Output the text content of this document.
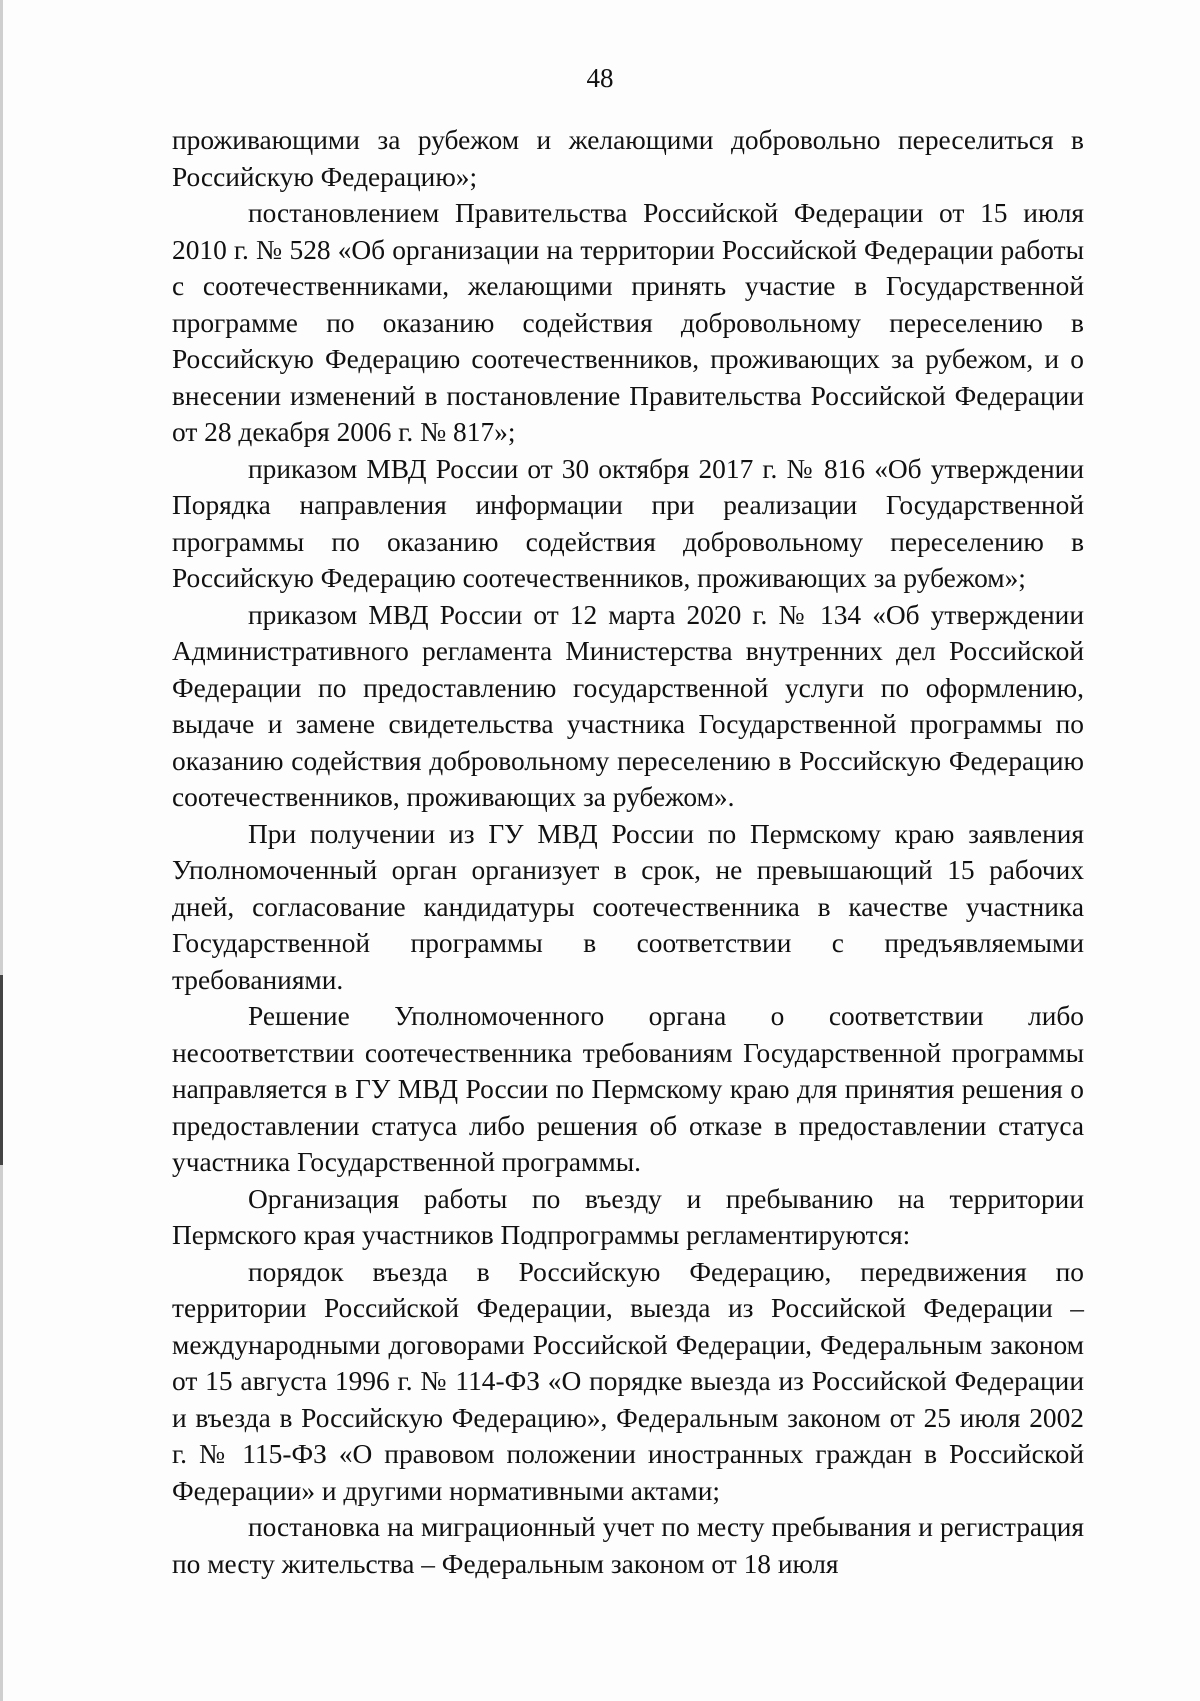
48

проживающими за рубежом и желающими добровольно переселиться в Российскую Федерацию»;

постановлением Правительства Российской Федерации от 15 июля 2010 г. № 528 «Об организации на территории Российской Федерации работы с соотечественниками, желающими принять участие в Государственной программе по оказанию содействия добровольному переселению в Российскую Федерацию соотечественников, проживающих за рубежом, и о внесении изменений в постановление Правительства Российской Федерации от 28 декабря 2006 г. № 817»;

приказом МВД России от 30 октября 2017 г. № 816 «Об утверждении Порядка направления информации при реализации Государственной программы по оказанию содействия добровольному переселению в Российскую Федерацию соотечественников, проживающих за рубежом»;

приказом МВД России от 12 марта 2020 г. № 134 «Об утверждении Административного регламента Министерства внутренних дел Российской Федерации по предоставлению государственной услуги по оформлению, выдаче и замене свидетельства участника Государственной программы по оказанию содействия добровольному переселению в Российскую Федерацию соотечественников, проживающих за рубежом».

При получении из ГУ МВД России по Пермскому краю заявления Уполномоченный орган организует в срок, не превышающий 15 рабочих дней, согласование кандидатуры соотечественника в качестве участника Государственной программы в соответствии с предъявляемыми требованиями.

Решение Уполномоченного органа о соответствии либо несоответствии соотечественника требованиям Государственной программы направляется в ГУ МВД России по Пермскому краю для принятия решения о предоставлении статуса либо решения об отказе в предоставлении статуса участника Государственной программы.

Организация работы по въезду и пребыванию на территории Пермского края участников Подпрограммы регламентируются:

порядок въезда в Российскую Федерацию, передвижения по территории Российской Федерации, выезда из Российской Федерации – международными договорами Российской Федерации, Федеральным законом от 15 августа 1996 г. № 114-ФЗ «О порядке выезда из Российской Федерации и въезда в Российскую Федерацию», Федеральным законом от 25 июля 2002 г. № 115-ФЗ «О правовом положении иностранных граждан в Российской Федерации» и другими нормативными актами;

постановка на миграционный учет по месту пребывания и регистрация по месту жительства – Федеральным законом от 18 июля
